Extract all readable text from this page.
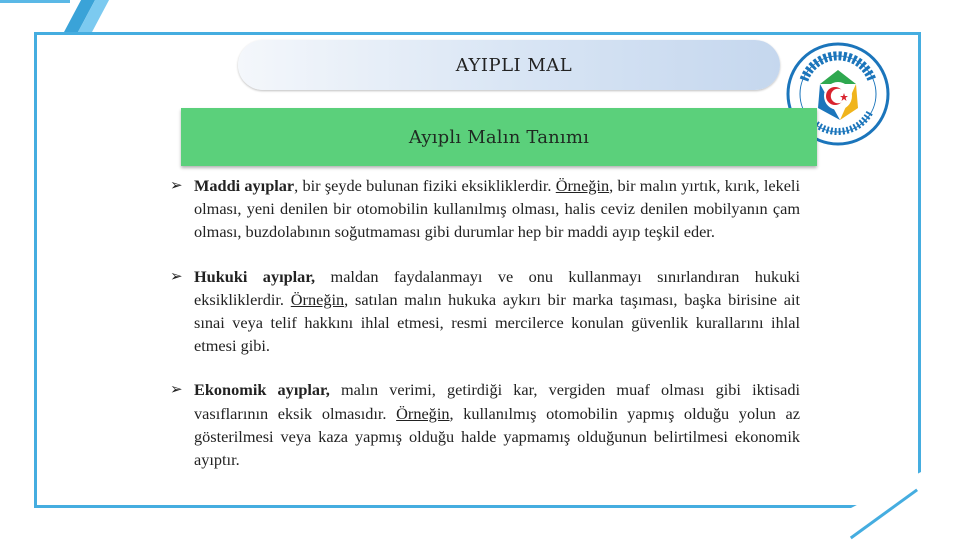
AYIPLI MAL
Ayıplı Malın Tanımı
➢ Maddi ayıplar, bir şeyde bulunan fiziki eksikliklerdir. Örneğin, bir malın yırtık, kırık, lekeli olması, yeni denilen bir otomobilin kullanılmış olması, halis ceviz denilen mobilyanın çam olması, buzdolabının soğutmaması gibi durumlar hep bir maddi ayıp teşkil eder.
➢ Hukuki ayıplar, maldan faydalanmayı ve onu kullanmayı sınırlandıran hukuki eksikliklerdir. Örneğin, satılan malın hukuka aykırı bir marka taşıması, başka birisine ait sınai veya telif hakkını ihlal etmesi, resmi mercilerce konulan güvenlik kurallarını ihlal etmesi gibi.
➢ Ekonomik ayıplar, malın verimi, getirdiği kar, vergiden muaf olması gibi iktisadi vasıflarının eksik olmasıdır. Örneğin, kullanılmış otomobilin yapmış olduğu yolun az gösterilmesi veya kaza yapmış olduğu halde yapmamış olduğunun belirtilmesi ekonomik ayıptır.
